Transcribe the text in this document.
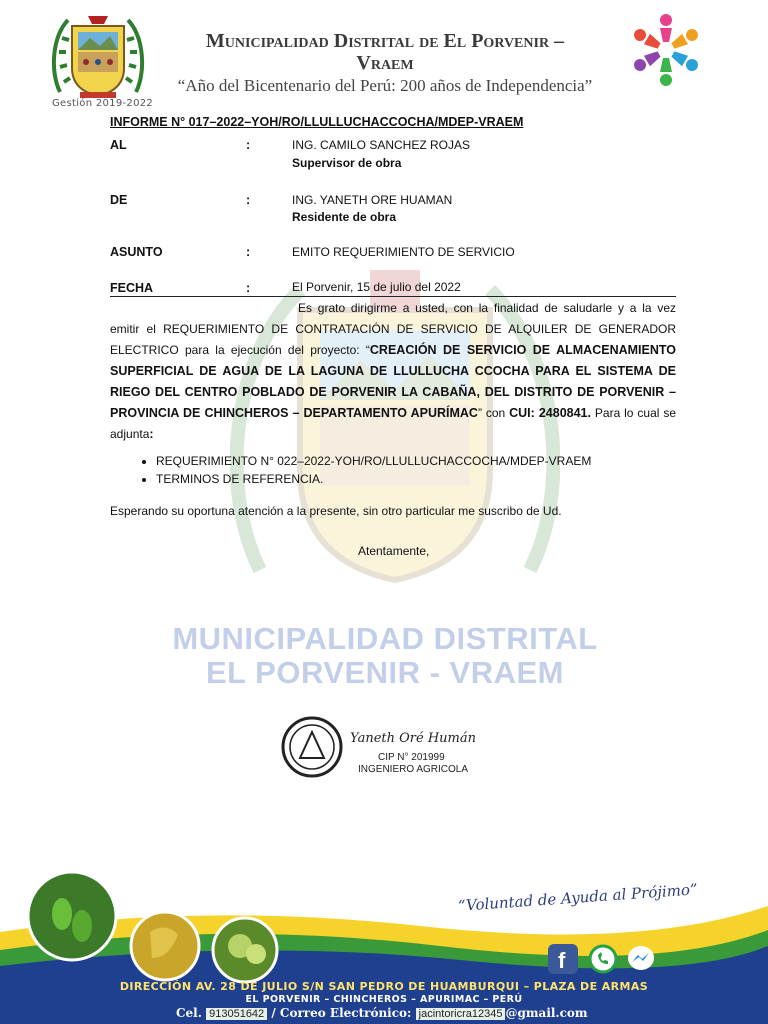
Gestión 2019-2022
Municipalidad Distrital de El Porvenir –
Vraem
“Año del Bicentenario del Perú: 200 años de Independencia”
MUNICIPALIDAD DISTRITAL
EL PORVENIR - VRAEM
INFORME N° 017–2022–YOH/RO/LLULLUCHACCOCHA/MDEP-VRAEM
AL	:	ING. CAMILO SANCHEZ ROJAS
Supervisor de obra
DE	:	ING. YANETH ORE HUAMAN
Residente de obra
ASUNTO	:	EMITO REQUERIMIENTO DE SERVICIO
FECHA	:	El Porvenir, 15 de julio del 2022
Es grato dirigirme a usted, con la finalidad de saludarle y a la vez emitir el REQUERIMIENTO DE CONTRATACIÓN DE SERVICIO DE ALQUILER DE GENERADOR ELECTRICO para la ejecución del proyecto: “CREACIÓN DE SERVICIO DE ALMACENAMIENTO SUPERFICIAL DE AGUA DE LA LAGUNA DE LLULLUCHA CCOCHA PARA EL SISTEMA DE RIEGO DEL CENTRO POBLADO DE PORVENIR LA CABAÑA, DEL DISTRITO DE PORVENIR – PROVINCIA DE CHINCHEROS – DEPARTAMENTO APURÍMAC” con CUI: 2480841. Para lo cual se adjunta:
• REQUERIMIENTO N° 022–2022-YOH/RO/LLULLUCHACCOCHA/MDEP-VRAEM
• TERMINOS DE REFERENCIA.
Esperando su oportuna atención a la presente, sin otro particular me suscribo de Ud.
Atentamente,
Yaneth Oré Humán
CIP N° 201999
INGENIERO AGRICOLA
“Voluntad de Ayuda al Prójimo”
f
DIRECCIÓN AV. 28 DE JULIO S/N SAN PEDRO DE HUAMBURQUI – PLAZA DE ARMAS
EL PORVENIR – CHINCHEROS – APURIMAC – PERÚ
Cel. 913051642 / Correo Electrónico: jacintoricra12345 @gmail.com
